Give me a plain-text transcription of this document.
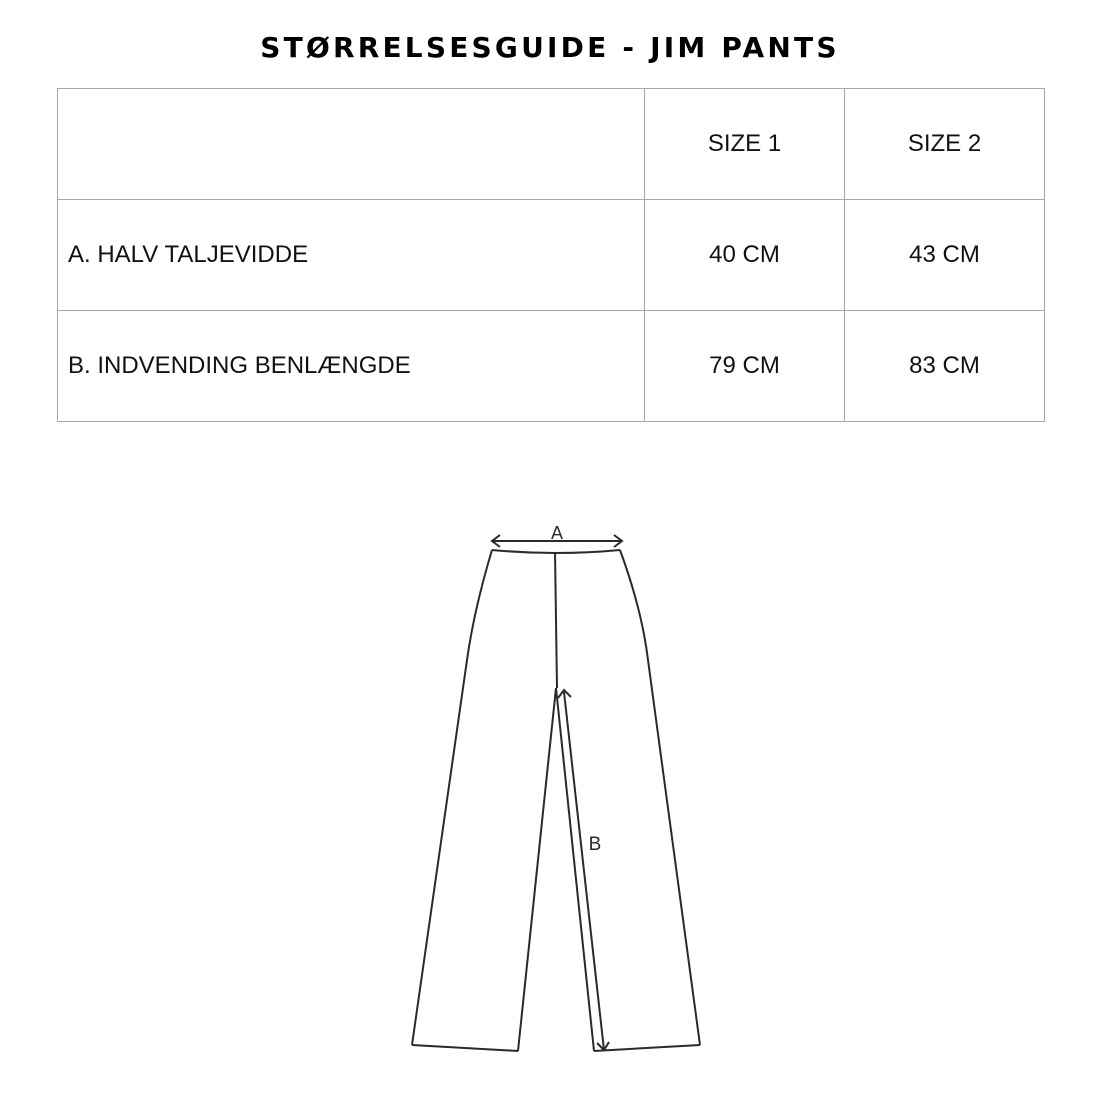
STØRRELSESGUIDE - JIM PANTS
	SIZE 1	SIZE 2
A. HALV TALJEVIDDE	40 CM	43 CM
B. INDVENDING BENLÆNGDE	79 CM	83 CM
A
B
